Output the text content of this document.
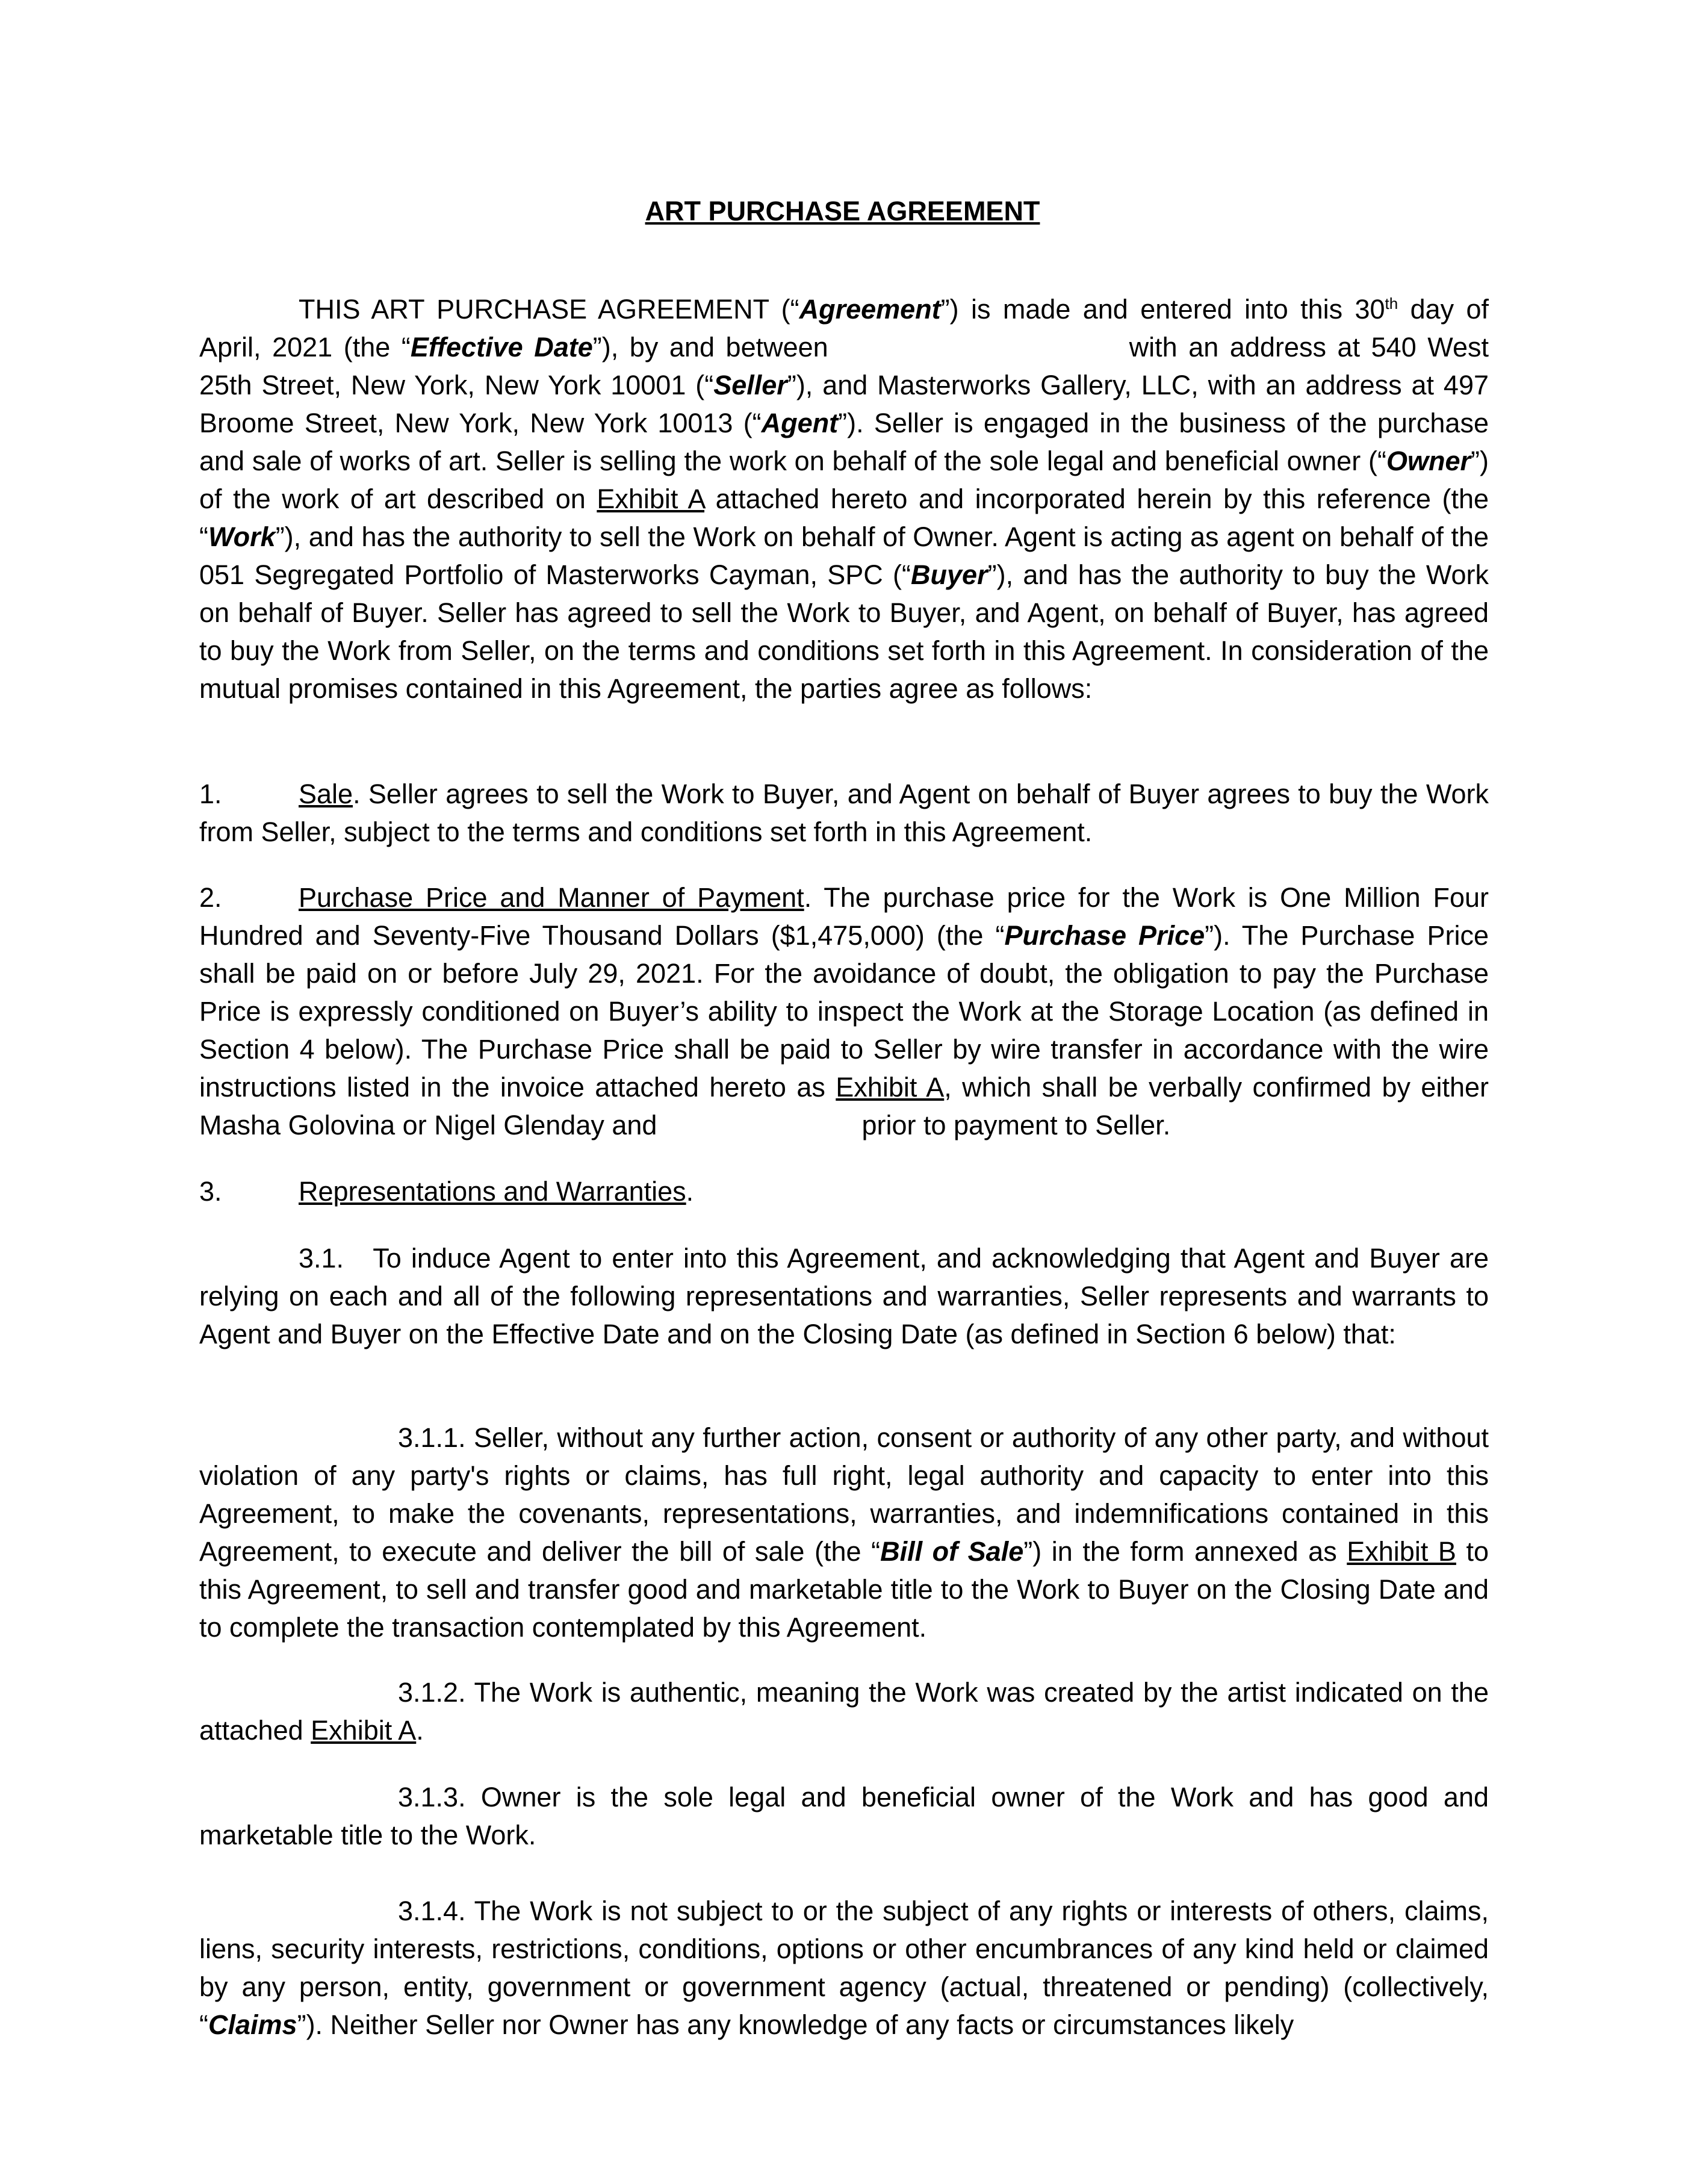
ART PURCHASE AGREEMENT
THIS ART PURCHASE AGREEMENT (“Agreement”) is made and entered into this 30th day of April, 2021 (the “Effective Date”), by and between	with an address at 540 West 25th Street, New York, New York 10001 (“Seller”), and Masterworks Gallery, LLC, with an address at 497 Broome Street, New York, New York 10013 (“Agent”). Seller is engaged in the business of the purchase and sale of works of art. Seller is selling the work on behalf of the sole legal and beneficial owner (“Owner”) of the work of art described on Exhibit A attached hereto and incorporated herein by this reference (the “Work”), and has the authority to sell the Work on behalf of Owner. Agent is acting as agent on behalf of the 051 Segregated Portfolio of Masterworks Cayman, SPC (“Buyer”), and has the authority to buy the Work on behalf of Buyer. Seller has agreed to sell the Work to Buyer, and Agent, on behalf of Buyer, has agreed to buy the Work from Seller, on the terms and conditions set forth in this Agreement. In consideration of the mutual promises contained in this Agreement, the parties agree as follows:
1.	Sale. Seller agrees to sell the Work to Buyer, and Agent on behalf of Buyer agrees to buy the Work from Seller, subject to the terms and conditions set forth in this Agreement.
2.	Purchase Price and Manner of Payment. The purchase price for the Work is One Million Four Hundred and Seventy-Five Thousand Dollars ($1,475,000) (the “Purchase Price”). The Purchase Price shall be paid on or before July 29, 2021. For the avoidance of doubt, the obligation to pay the Purchase Price is expressly conditioned on Buyer’s ability to inspect the Work at the Storage Location (as defined in Section 4 below). The Purchase Price shall be paid to Seller by wire transfer in accordance with the wire instructions listed in the invoice attached hereto as Exhibit A, which shall be verbally confirmed by either Masha Golovina or Nigel Glenday and	prior to payment to Seller.
3.	Representations and Warranties.
3.1. To induce Agent to enter into this Agreement, and acknowledging that Agent and Buyer are relying on each and all of the following representations and warranties, Seller represents and warrants to Agent and Buyer on the Effective Date and on the Closing Date (as defined in Section 6 below) that:
3.1.1. Seller, without any further action, consent or authority of any other party, and without violation of any party's rights or claims, has full right, legal authority and capacity to enter into this Agreement, to make the covenants, representations, warranties, and indemnifications contained in this Agreement, to execute and deliver the bill of sale (the “Bill of Sale”) in the form annexed as Exhibit B to this Agreement, to sell and transfer good and marketable title to the Work to Buyer on the Closing Date and to complete the transaction contemplated by this Agreement.
3.1.2. The Work is authentic, meaning the Work was created by the artist indicated on the attached Exhibit A.
3.1.3. Owner is the sole legal and beneficial owner of the Work and has good and marketable title to the Work.
3.1.4. The Work is not subject to or the subject of any rights or interests of others, claims, liens, security interests, restrictions, conditions, options or other encumbrances of any kind held or claimed by any person, entity, government or government agency (actual, threatened or pending) (collectively, “Claims”). Neither Seller nor Owner has any knowledge of any facts or circumstances likely
